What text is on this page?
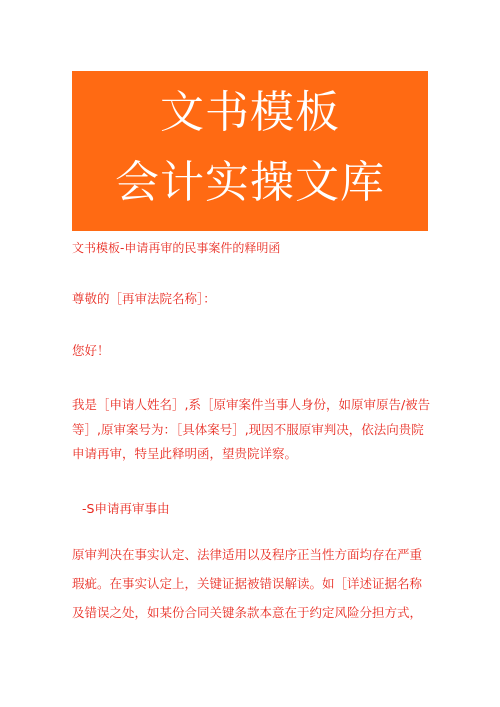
文书模板
会计实操文库

文书模板-申请再审的民事案件的释明函

尊敬的［再审法院名称］：

您好！

我是［申请人姓名］,系［原审案件当事人身份，如原审原告/被告等］,原审案号为：［具体案号］,现因不服原审判决，依法向贵院申请再审，特呈此释明函，望贵院详察。

-S申请再审事由

原审判决在事实认定、法律适用以及程序正当性方面均存在严重瑕疵。在事实认定上，关键证据被错误解读。如［详述证据名称及错误之处，如某份合同关键条款本意在于约定风险分担方式，
